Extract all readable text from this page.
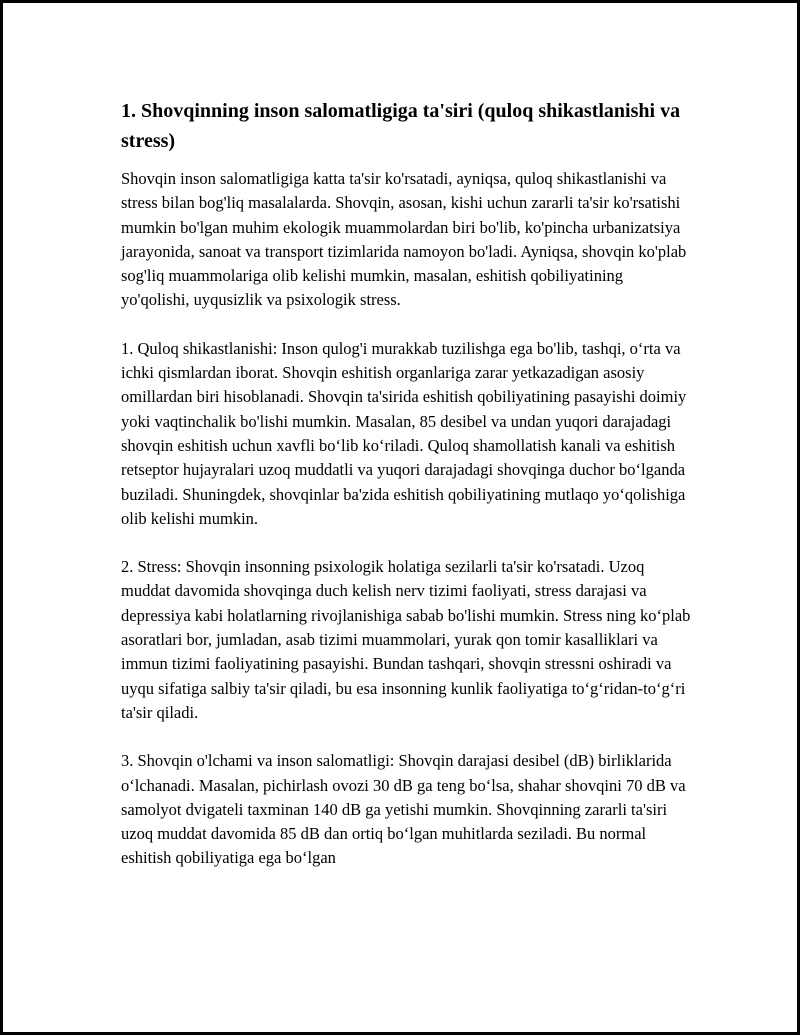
1. Shovqinning inson salomatligiga ta'siri (quloq shikastlanishi va stress)

Shovqin inson salomatligiga katta ta'sir ko'rsatadi, ayniqsa, quloq shikastlanishi va stress bilan bog'liq masalalarda. Shovqin, asosan, kishi uchun zararli ta'sir ko'rsatishi mumkin bo'lgan muhim ekologik muammolardan biri bo'lib, ko'pincha urbanizatsiya jarayonida, sanoat va transport tizimlarida namoyon bo'ladi. Ayniqsa, shovqin ko'plab sog'liq muammolariga olib kelishi mumkin, masalan, eshitish qobiliyatining yo'qolishi, uyqusizlik va psixologik stress.

1. Quloq shikastlanishi: Inson qulog'i murakkab tuzilishga ega bo'lib, tashqi, o‘rta va ichki qismlardan iborat. Shovqin eshitish organlariga zarar yetkazadigan asosiy omillardan biri hisoblanadi. Shovqin ta'sirida eshitish qobiliyatining pasayishi doimiy yoki vaqtinchalik bo'lishi mumkin. Masalan, 85 desibel va undan yuqori darajadagi shovqin eshitish uchun xavfli bo‘lib ko‘riladi. Quloq shamollatish kanali va eshitish retseptor hujayralari uzoq muddatli va yuqori darajadagi shovqinga duchor bo‘lganda buziladi. Shuningdek, shovqinlar ba'zida eshitish qobiliyatining mutlaqo yo‘qolishiga olib kelishi mumkin.

2. Stress: Shovqin insonning psixologik holatiga sezilarli ta'sir ko'rsatadi. Uzoq muddat davomida shovqinga duch kelish nerv tizimi faoliyati, stress darajasi va depressiya kabi holatlarning rivojlanishiga sabab bo'lishi mumkin. Stress ning ko‘plab asoratlari bor, jumladan, asab tizimi muammolari, yurak qon tomir kasalliklari va immun tizimi faoliyatining pasayishi. Bundan tashqari, shovqin stressni oshiradi va uyqu sifatiga salbiy ta'sir qiladi, bu esa insonning kunlik faoliyatiga to‘g‘ridan-to‘g‘ri ta'sir qiladi.

3. Shovqin o'lchami va inson salomatligi: Shovqin darajasi desibel (dB) birliklarida o‘lchanadi. Masalan, pichirlash ovozi 30 dB ga teng bo‘lsa, shahar shovqini 70 dB va samolyot dvigateli taxminan 140 dB ga yetishi mumkin. Shovqinning zararli ta'siri uzoq muddat davomida 85 dB dan ortiq bo‘lgan muhitlarda seziladi. Bu normal eshitish qobiliyatiga ega bo‘lgan
